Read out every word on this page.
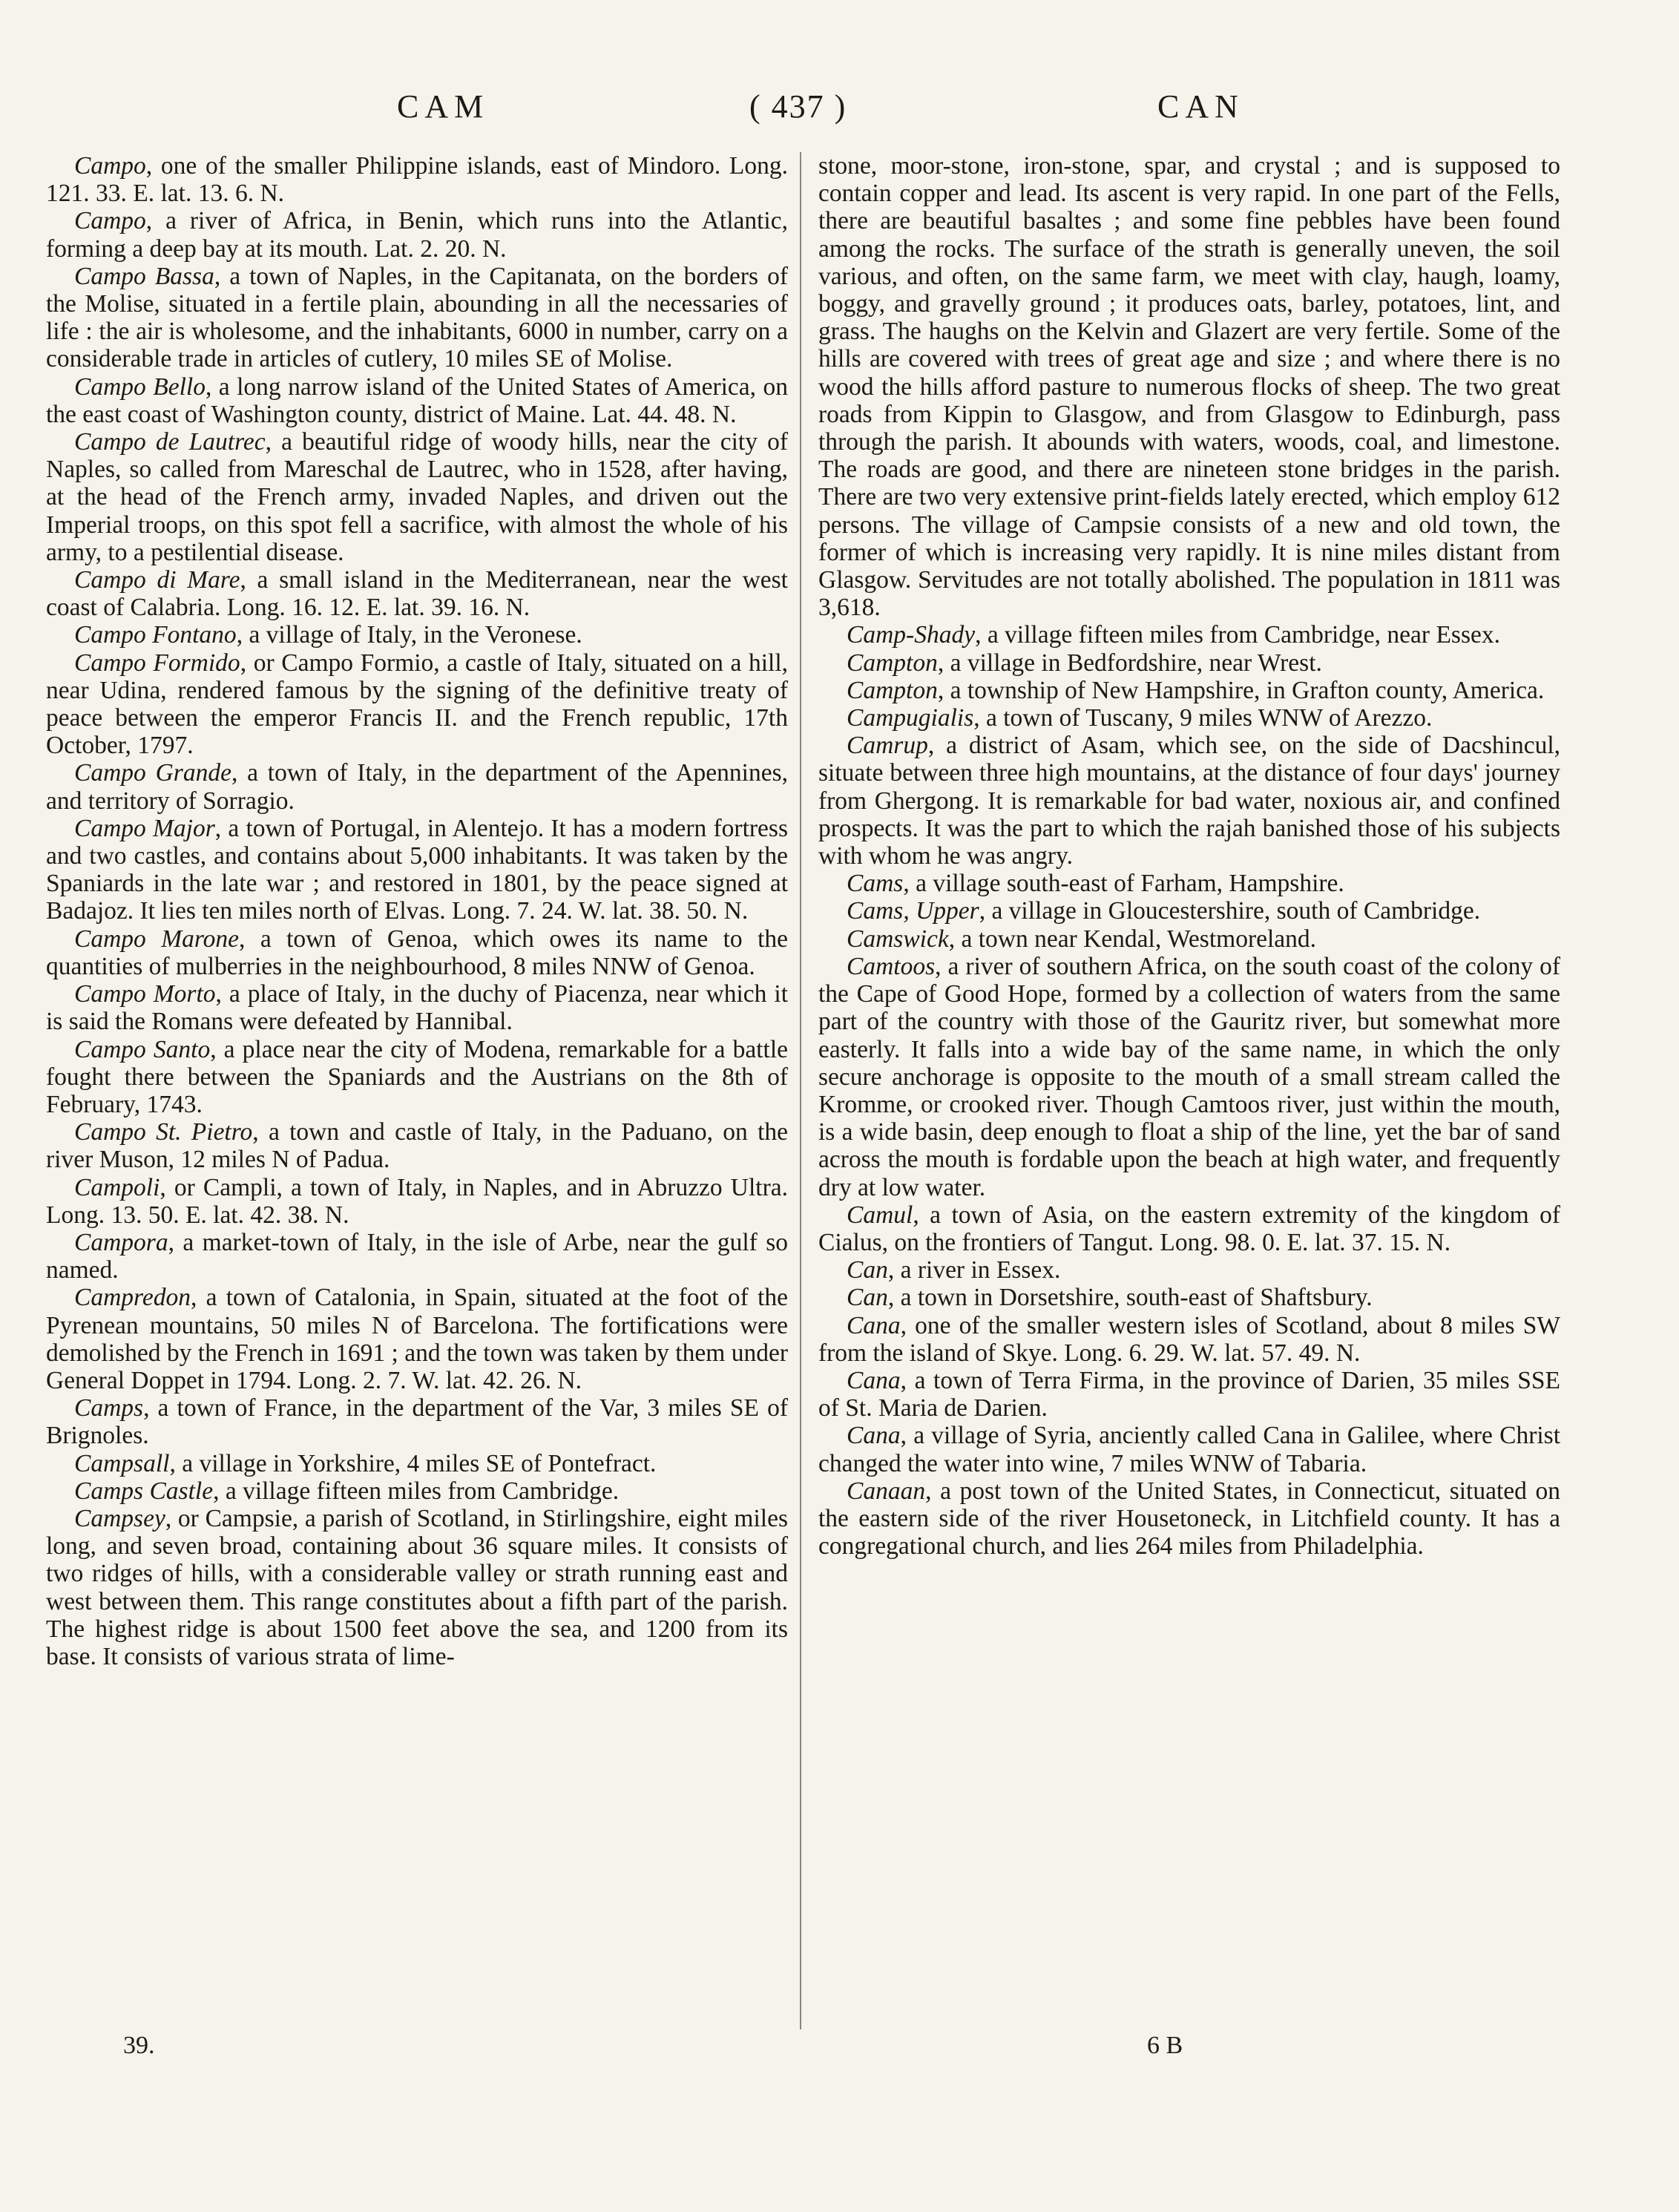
CAM	( 437 )	CAN

Campo, one of the smaller Philippine islands, east of Mindoro. Long. 121. 33. E. lat. 13. 6. N.

Campo, a river of Africa, in Benin, which runs into the Atlantic, forming a deep bay at its mouth. Lat. 2. 20. N.

Campo Bassa, a town of Naples, in the Capitanata, on the borders of the Molise, situated in a fertile plain, abounding in all the necessaries of life : the air is wholesome, and the inhabitants, 6000 in number, carry on a considerable trade in articles of cutlery, 10 miles SE of Molise.

Campo Bello, a long narrow island of the United States of America, on the east coast of Washington county, district of Maine. Lat. 44. 48. N.

Campo de Lautrec, a beautiful ridge of woody hills, near the city of Naples, so called from Mareschal de Lautrec, who in 1528, after having, at the head of the French army, invaded Naples, and driven out the Imperial troops, on this spot fell a sacrifice, with almost the whole of his army, to a pestilential disease.

Campo di Mare, a small island in the Mediterranean, near the west coast of Calabria. Long. 16. 12. E. lat. 39. 16. N.

Campo Fontano, a village of Italy, in the Veronese.

Campo Formido, or Campo Formio, a castle of Italy, situated on a hill, near Udina, rendered famous by the signing of the definitive treaty of peace between the emperor Francis II. and the French republic, 17th October, 1797.

Campo Grande, a town of Italy, in the department of the Apennines, and territory of Sorragio.

Campo Major, a town of Portugal, in Alentejo. It has a modern fortress and two castles, and contains about 5,000 inhabitants. It was taken by the Spaniards in the late war ; and restored in 1801, by the peace signed at Badajoz. It lies ten miles north of Elvas. Long. 7. 24. W. lat. 38. 50. N.

Campo Marone, a town of Genoa, which owes its name to the quantities of mulberries in the neighbourhood, 8 miles NNW of Genoa.

Campo Morto, a place of Italy, in the duchy of Piacenza, near which it is said the Romans were defeated by Hannibal.

Campo Santo, a place near the city of Modena, remarkable for a battle fought there between the Spaniards and the Austrians on the 8th of February, 1743.

Campo St. Pietro, a town and castle of Italy, in the Paduano, on the river Muson, 12 miles N of Padua.

Campoli, or Campli, a town of Italy, in Naples, and in Abruzzo Ultra. Long. 13. 50. E. lat. 42. 38. N.

Campora, a market-town of Italy, in the isle of Arbe, near the gulf so named.

Campredon, a town of Catalonia, in Spain, situated at the foot of the Pyrenean mountains, 50 miles N of Barcelona. The fortifications were demolished by the French in 1691 ; and the town was taken by them under General Doppet in 1794. Long. 2. 7. W. lat. 42. 26. N.

Camps, a town of France, in the department of the Var, 3 miles SE of Brignoles.

Campsall, a village in Yorkshire, 4 miles SE of Pontefract.

Camps Castle, a village fifteen miles from Cambridge.

Campsey, or Campsie, a parish of Scotland, in Stirlingshire, eight miles long, and seven broad, containing about 36 square miles. It consists of two ridges of hills, with a considerable valley or strath running east and west between them. This range constitutes about a fifth part of the parish. The highest ridge is about 1500 feet above the sea, and 1200 from its base. It consists of various strata of lime-

stone, moor-stone, iron-stone, spar, and crystal ; and is supposed to contain copper and lead. Its ascent is very rapid. In one part of the Fells, there are beautiful basaltes ; and some fine pebbles have been found among the rocks. The surface of the strath is generally uneven, the soil various, and often, on the same farm, we meet with clay, haugh, loamy, boggy, and gravelly ground ; it produces oats, barley, potatoes, lint, and grass. The haughs on the Kelvin and Glazert are very fertile. Some of the hills are covered with trees of great age and size ; and where there is no wood the hills afford pasture to numerous flocks of sheep. The two great roads from Kippin to Glasgow, and from Glasgow to Edinburgh, pass through the parish. It abounds with waters, woods, coal, and limestone. The roads are good, and there are nineteen stone bridges in the parish. There are two very extensive print-fields lately erected, which employ 612 persons. The village of Campsie consists of a new and old town, the former of which is increasing very rapidly. It is nine miles distant from Glasgow. Servitudes are not totally abolished. The population in 1811 was 3,618.

Camp-Shady, a village fifteen miles from Cambridge, near Essex.

Campton, a village in Bedfordshire, near Wrest.

Campton, a township of New Hampshire, in Grafton county, America.

Campugialis, a town of Tuscany, 9 miles WNW of Arezzo.

Camrup, a district of Asam, which see, on the side of Dacshincul, situate between three high mountains, at the distance of four days' journey from Ghergong. It is remarkable for bad water, noxious air, and confined prospects. It was the part to which the rajah banished those of his subjects with whom he was angry.

Cams, a village south-east of Farham, Hampshire.

Cams, Upper, a village in Gloucestershire, south of Cambridge.

Camswick, a town near Kendal, Westmoreland.

Camtoos, a river of southern Africa, on the south coast of the colony of the Cape of Good Hope, formed by a collection of waters from the same part of the country with those of the Gauritz river, but somewhat more easterly. It falls into a wide bay of the same name, in which the only secure anchorage is opposite to the mouth of a small stream called the Kromme, or crooked river. Though Camtoos river, just within the mouth, is a wide basin, deep enough to float a ship of the line, yet the bar of sand across the mouth is fordable upon the beach at high water, and frequently dry at low water.

Camul, a town of Asia, on the eastern extremity of the kingdom of Cialus, on the frontiers of Tangut. Long. 98. 0. E. lat. 37. 15. N.

Can, a river in Essex.

Can, a town in Dorsetshire, south-east of Shaftsbury.

Cana, one of the smaller western isles of Scotland, about 8 miles SW from the island of Skye. Long. 6. 29. W. lat. 57. 49. N.

Cana, a town of Terra Firma, in the province of Darien, 35 miles SSE of St. Maria de Darien.

Cana, a village of Syria, anciently called Cana in Galilee, where Christ changed the water into wine, 7 miles WNW of Tabaria.

Canaan, a post town of the United States, in Connecticut, situated on the eastern side of the river Housetoneck, in Litchfield county. It has a congregational church, and lies 264 miles from Philadelphia.

39.	6 B
